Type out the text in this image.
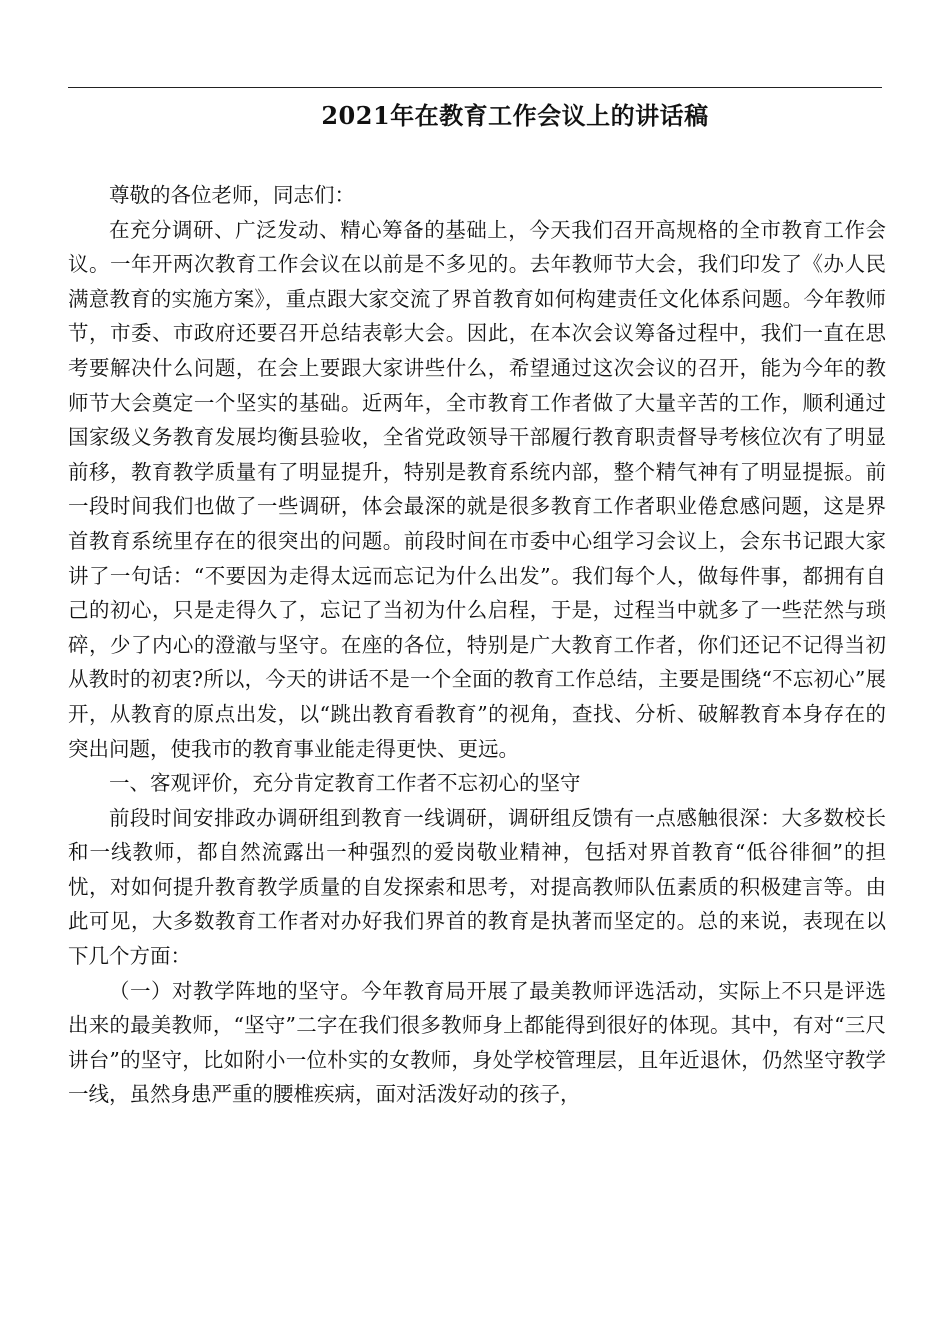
2021年在教育工作会议上的讲话稿

尊敬的各位老师，同志们：

在充分调研、广泛发动、精心筹备的基础上，今天我们召开高规格的全市教育工作会议。一年开两次教育工作会议在以前是不多见的。去年教师节大会，我们印发了《办人民满意教育的实施方案》，重点跟大家交流了界首教育如何构建责任文化体系问题。今年教师节，市委、市政府还要召开总结表彰大会。因此，在本次会议筹备过程中，我们一直在思考要解决什么问题，在会上要跟大家讲些什么，希望通过这次会议的召开，能为今年的教师节大会奠定一个坚实的基础。近两年，全市教育工作者做了大量辛苦的工作，顺利通过国家级义务教育发展均衡县验收，全省党政领导干部履行教育职责督导考核位次有了明显前移，教育教学质量有了明显提升，特别是教育系统内部，整个精气神有了明显提振。前一段时间我们也做了一些调研，体会最深的就是很多教育工作者职业倦怠感问题，这是界首教育系统里存在的很突出的问题。前段时间在市委中心组学习会议上，会东书记跟大家讲了一句话：“不要因为走得太远而忘记为什么出发”。我们每个人，做每件事，都拥有自己的初心，只是走得久了，忘记了当初为什么启程，于是，过程当中就多了一些茫然与琐碎，少了内心的澄澈与坚守。在座的各位，特别是广大教育工作者，你们还记不记得当初从教时的初衷?所以，今天的讲话不是一个全面的教育工作总结，主要是围绕“不忘初心”展开，从教育的原点出发，以“跳出教育看教育”的视角，查找、分析、破解教育本身存在的突出问题，使我市的教育事业能走得更快、更远。

一、客观评价，充分肯定教育工作者不忘初心的坚守

前段时间安排政办调研组到教育一线调研，调研组反馈有一点感触很深：大多数校长和一线教师，都自然流露出一种强烈的爱岗敬业精神，包括对界首教育“低谷徘徊”的担忧，对如何提升教育教学质量的自发探索和思考，对提高教师队伍素质的积极建言等。由此可见，大多数教育工作者对办好我们界首的教育是执著而坚定的。总的来说，表现在以下几个方面：

（一）对教学阵地的坚守。今年教育局开展了最美教师评选活动，实际上不只是评选出来的最美教师，“坚守”二字在我们很多教师身上都能得到很好的体现。其中，有对“三尺讲台”的坚守，比如附小一位朴实的女教师，身处学校管理层，且年近退休，仍然坚守教学一线，虽然身患严重的腰椎疾病，面对活泼好动的孩子，
